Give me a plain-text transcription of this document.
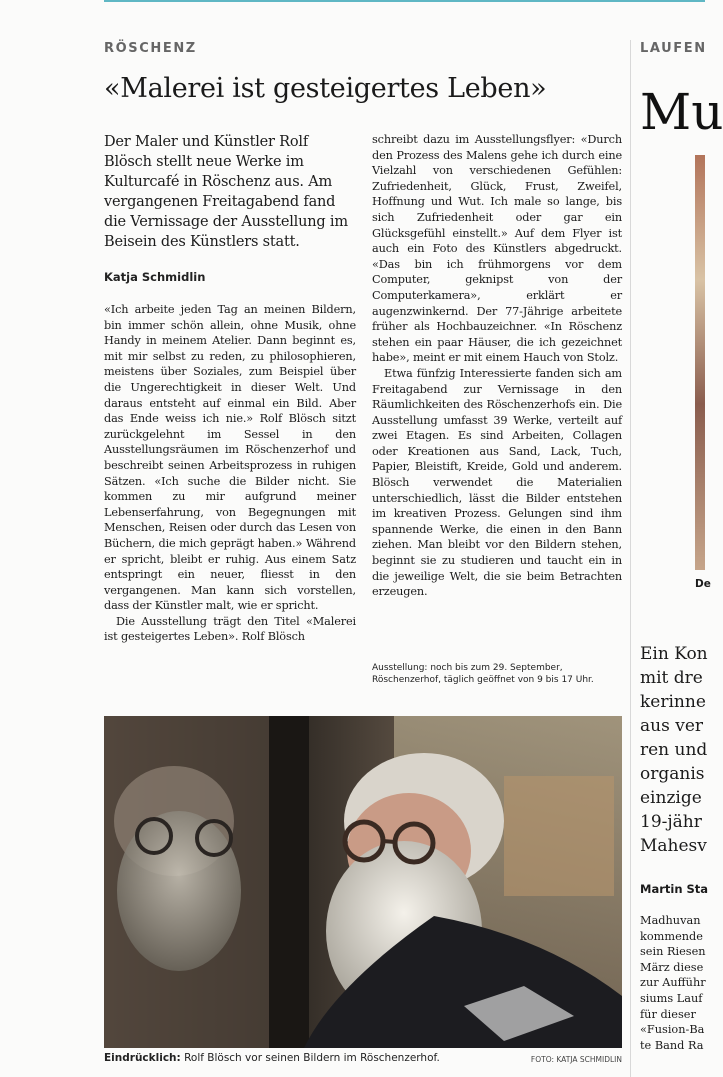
RÖSCHENZ	LAUFEN
«Malerei ist gesteigertes Leben»

Der Maler und Künstler Rolf Blösch stellt neue Werke im Kulturcafé in Röschenz aus. Am vergangenen Freitagabend fand die Vernissage der Ausstellung im Beisein des Künstlers statt.

Katja Schmidlin

«Ich arbeite jeden Tag an meinen Bildern, bin immer schön allein, ohne Musik, ohne Handy in meinem Atelier. Dann beginnt es, mit mir selbst zu reden, zu philosophieren, meistens über Soziales, zum Beispiel über die Ungerechtigkeit in dieser Welt. Und daraus entsteht auf einmal ein Bild. Aber das Ende weiss ich nie.» Rolf Blösch sitzt zurückgelehnt im Sessel in den Ausstellungsräumen im Röschenzerhof und beschreibt seinen Arbeitsprozess in ruhigen Sätzen. «Ich suche die Bilder nicht. Sie kommen zu mir aufgrund meiner Lebenserfahrung, von Begegnungen mit Menschen, Reisen oder durch das Lesen von Büchern, die mich geprägt haben.» Während er spricht, bleibt er ruhig. Aus einem Satz entspringt ein neuer, fliesst in den vergangenen. Man kann sich vorstellen, dass der Künstler malt, wie er spricht.

Die Ausstellung trägt den Titel «Malerei ist gesteigertes Leben». Rolf Blösch

schreibt dazu im Ausstellungsflyer: «Durch den Prozess des Malens gehe ich durch eine Vielzahl von verschiedenen Gefühlen: Zufriedenheit, Glück, Frust, Zweifel, Hoffnung und Wut. Ich male so lange, bis sich Zufriedenheit oder gar ein Glücksgefühl einstellt.» Auf dem Flyer ist auch ein Foto des Künstlers abgedruckt. «Das bin ich frühmorgens vor dem Computer, geknipst von der Computerkamera», erklärt er augenzwinkernd. Der 77-Jährige arbeitete früher als Hochbauzeichner. «In Röschenz stehen ein paar Häuser, die ich gezeichnet habe», meint er mit einem Hauch von Stolz.

Etwa fünfzig Interessierte fanden sich am Freitagabend zur Vernissage in den Räumlichkeiten des Röschenzerhofs ein. Die Ausstellung umfasst 39 Werke, verteilt auf zwei Etagen. Es sind Arbeiten, Collagen oder Kreationen aus Sand, Lack, Tuch, Papier, Bleistift, Kreide, Gold und anderem. Blösch verwendet die Materialien unterschiedlich, lässt die Bilder entstehen im kreativen Prozess. Gelungen sind ihm spannende Werke, die einen in den Bann ziehen. Man bleibt vor den Bildern stehen, beginnt sie zu studieren und taucht ein in die jeweilige Welt, die sie beim Betrachten erzeugen.

Ausstellung: noch bis zum 29. September, Röschenzerhof, täglich geöffnet von 9 bis 17 Uhr.
Eindrücklich: Rolf Blösch vor seinen Bildern im Röschenzerhof.	FOTO: KATJA SCHMIDLIN
Mu
De
Ein Kon
mit dre
kerinne
aus ver
ren und
organis
einzige
19-jähr
Mahesv
Martin Sta
Madhuvan
kommende
sein Riesen
März diese
zur Aufführ
siums Lauf
für dieser
«Fusion-Ba
te Band Ra
